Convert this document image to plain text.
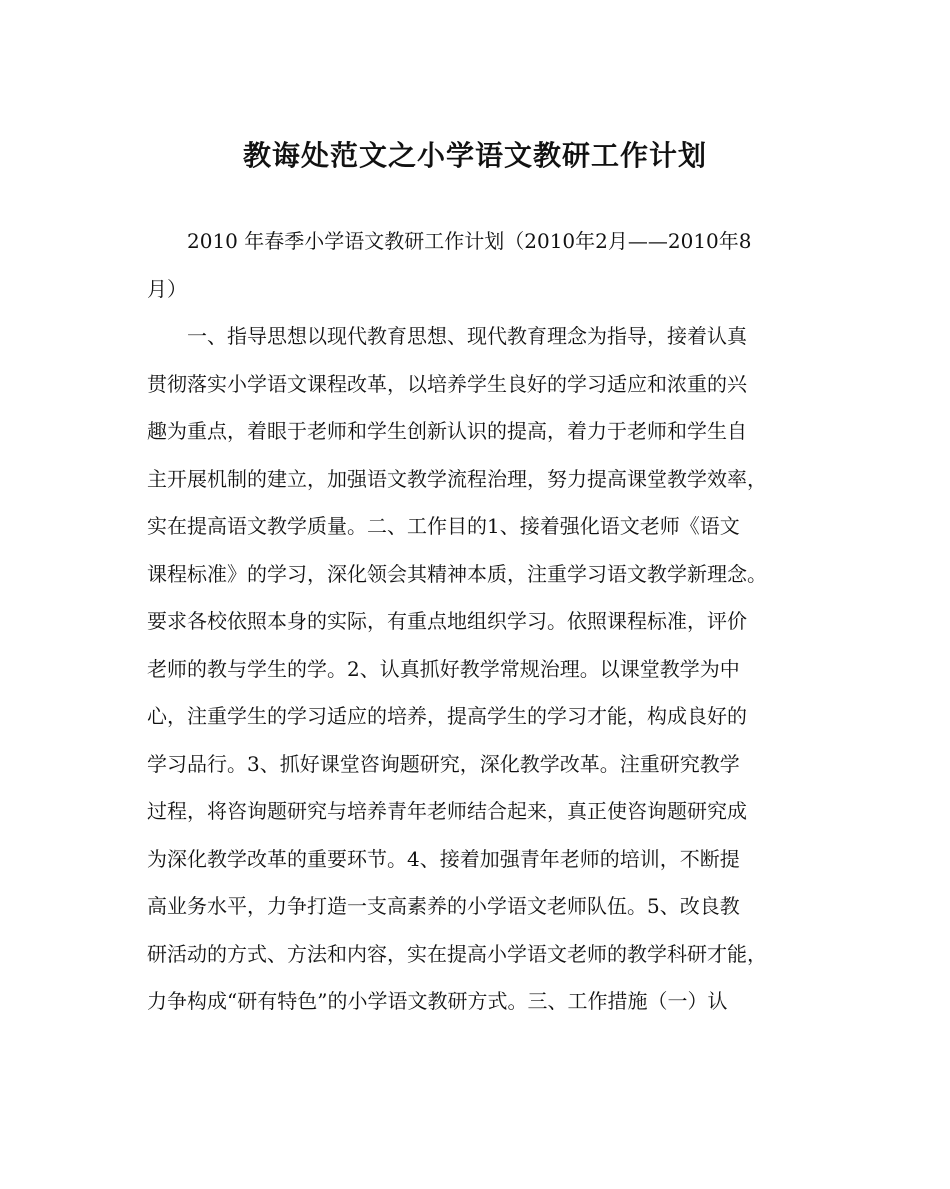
教诲处范文之小学语文教研工作计划
2010 年春季小学语文教研工作计划（2010年2月——2010年8
月）
一、指导思想以现代教育思想、现代教育理念为指导，接着认真
贯彻落实小学语文课程改革，以培养学生良好的学习适应和浓重的兴
趣为重点，着眼于老师和学生创新认识的提高，着力于老师和学生自
主开展机制的建立，加强语文教学流程治理，努力提高课堂教学效率，
实在提高语文教学质量。二、工作目的1、接着强化语文老师《语文
课程标准》的学习，深化领会其精神本质，注重学习语文教学新理念。
要求各校依照本身的实际，有重点地组织学习。依照课程标准，评价
老师的教与学生的学。2、认真抓好教学常规治理。以课堂教学为中
心，注重学生的学习适应的培养，提高学生的学习才能，构成良好的
学习品行。3、抓好课堂咨询题研究，深化教学改革。注重研究教学
过程，将咨询题研究与培养青年老师结合起来，真正使咨询题研究成
为深化教学改革的重要环节。4、接着加强青年老师的培训，不断提
高业务水平，力争打造一支高素养的小学语文老师队伍。5、改良教
研活动的方式、方法和内容，实在提高小学语文老师的教学科研才能，
力争构成“研有特色”的小学语文教研方式。三、工作措施（一）认
